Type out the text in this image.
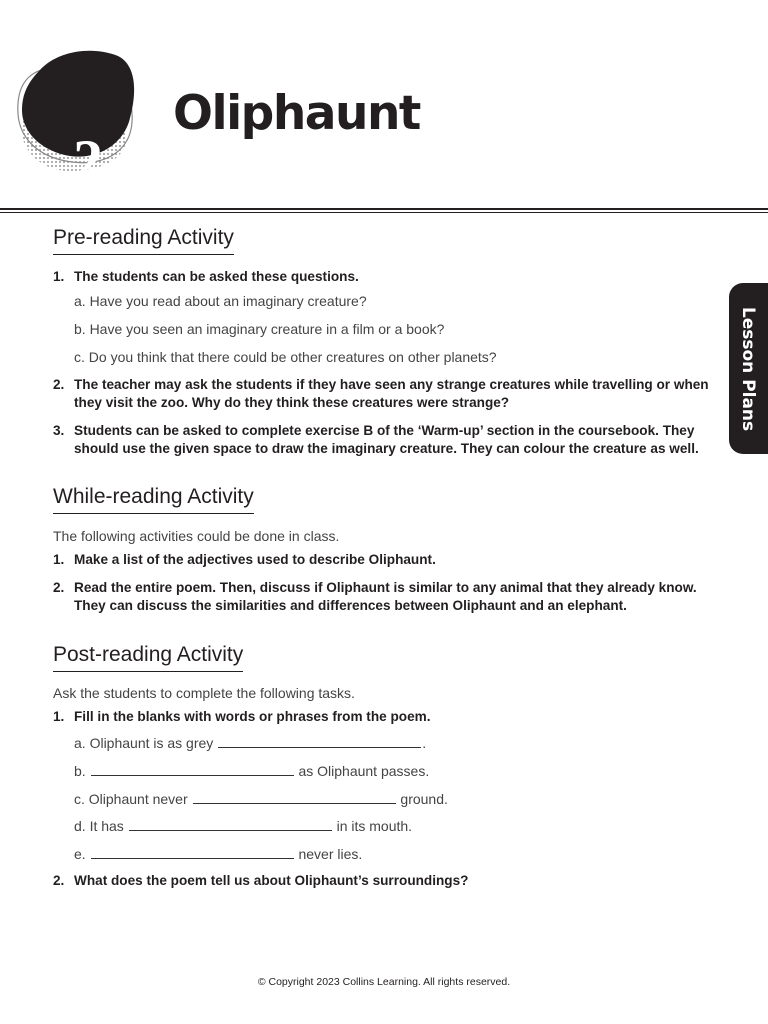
2
Oliphaunt
Lesson Plans
Pre-reading Activity
1. The students can be asked these questions.
a. Have you read about an imaginary creature?
b. Have you seen an imaginary creature in a film or a book?
c. Do you think that there could be other creatures on other planets?
2. The teacher may ask the students if they have seen any strange creatures while travelling or when they visit the zoo. Why do they think these creatures were strange?
3. Students can be asked to complete exercise B of the ‘Warm-up’ section in the coursebook. They should use the given space to draw the imaginary creature. They can colour the creature as well.
While-reading Activity
The following activities could be done in class.
1. Make a list of the adjectives used to describe Oliphaunt.
2. Read the entire poem. Then, discuss if Oliphaunt is similar to any animal that they already know. They can discuss the similarities and differences between Oliphaunt and an elephant.
Post-reading Activity
Ask the students to complete the following tasks.
1. Fill in the blanks with words or phrases from the poem.
a. Oliphaunt is as grey	.
b.	as Oliphaunt passes.
c. Oliphaunt never	ground.
d. It has	in its mouth.
e.	never lies.
2. What does the poem tell us about Oliphaunt’s surroundings?
© Copyright 2023 Collins Learning. All rights reserved.
